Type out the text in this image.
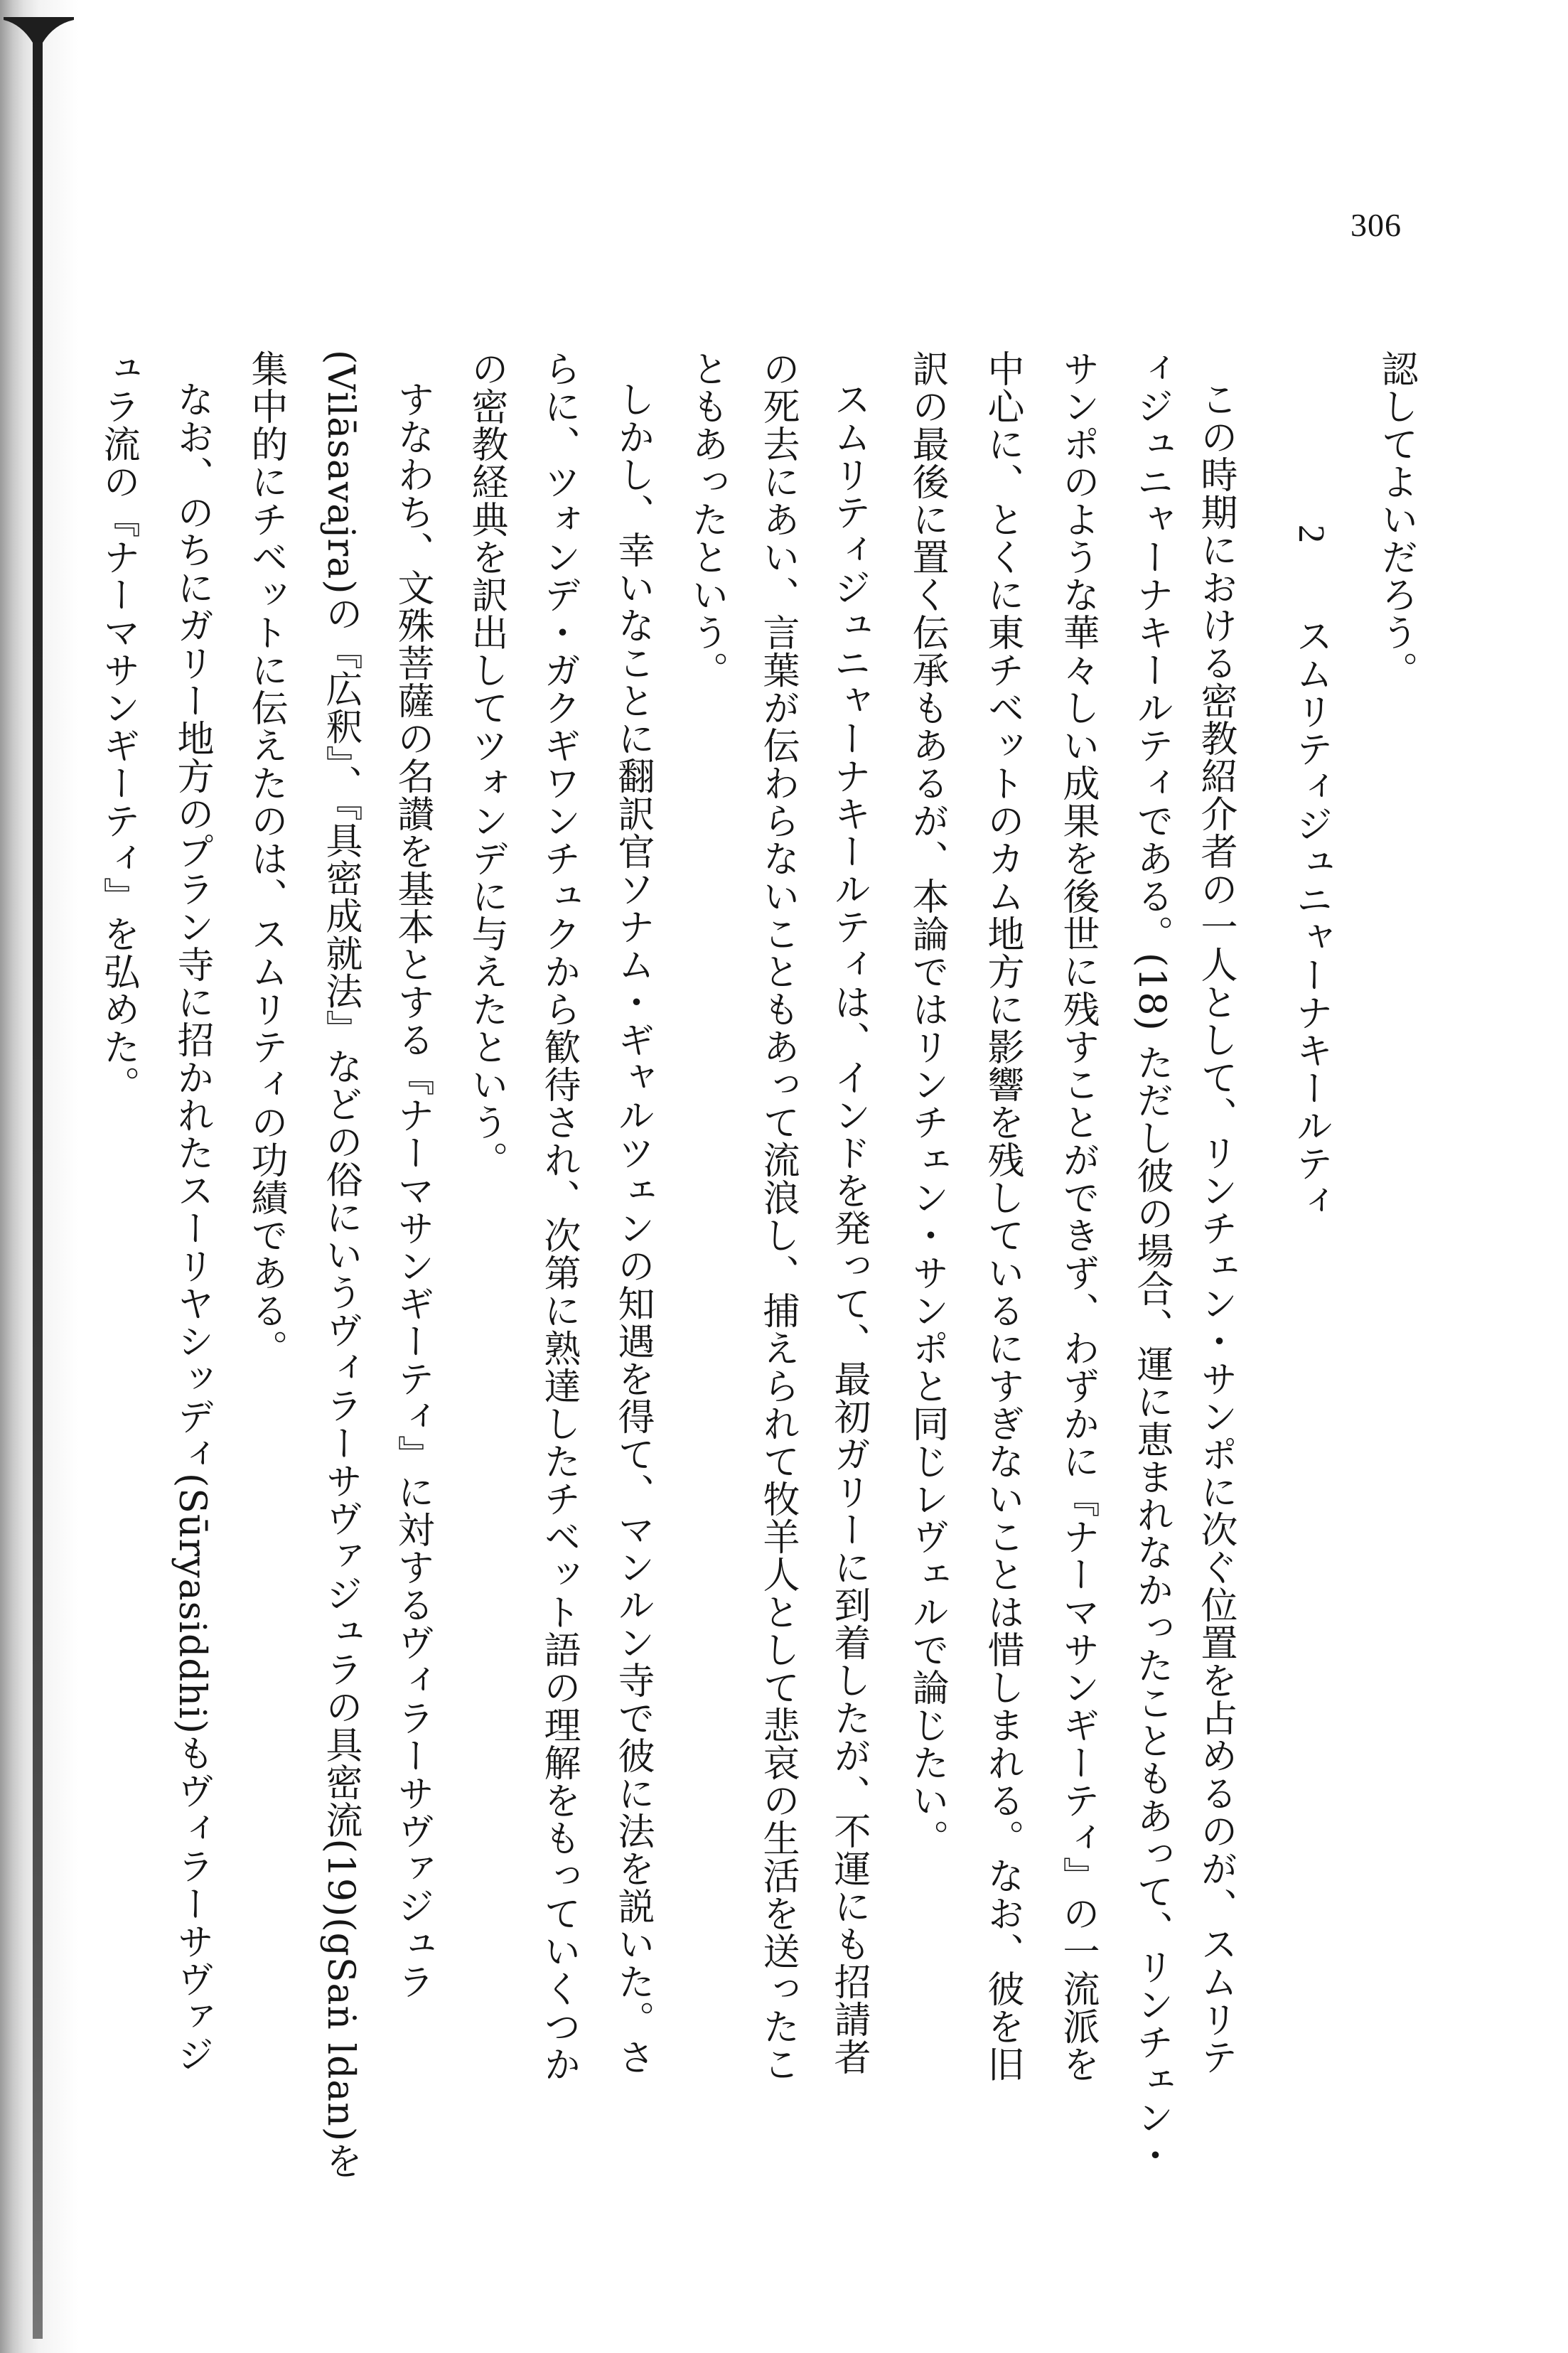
306
2 認してよいだろう。
スムリティジュニャーナキールティ
この時期における密教紹介者の一人として、リンチェン・サンポに次ぐ位置を占めるのが、スムリテ
ィジュニャーナキールティである。(18) ただし彼の場合、運に恵まれなかったこともあって、リンチェン・
サンポのような華々しい成果を後世に残すことができず、わずかに『ナーマサンギーティ』の一流派を
中心に、とくに東チベットのカム地方に影響を残しているにすぎないことは惜しまれる。なお、彼を旧
訳の最後に置く伝承もあるが、本論ではリンチェン・サンポと同じレヴェルで論じたい。
スムリティジュニャーナキールティは、インドを発って、最初ガリーに到着したが、不運にも招請者
の死去にあい、言葉が伝わらないこともあって流浪し、捕えられて牧羊人として悲哀の生活を送ったこ
ともあったという。
しかし、幸いなことに翻訳官ソナム・ギャルツェンの知遇を得て、マンルン寺で彼に法を説いた。さ
らに、ツォンデ・ガクギワンチュクから歓待され、次第に熟達したチベット語の理解をもっていくつか
の密教経典を訳出してツォンデに与えたという。
すなわち、文殊菩薩の名讃を基本とする『ナーマサンギーティ』に対するヴィラーサヴァジュラ
(Vilāsavajra)の『広釈』、『具密成就法』などの俗にいうヴィラーサヴァジュラの具密流(19)(gSaṅ ldan)を
集中的にチベットに伝えたのは、スムリティの功績である。
なお、のちにガリー地方のプラン寺に招かれたスーリヤシッディ(Sūryasiddhi)もヴィラーサヴァジ
ュラ流の『ナーマサンギーティ』を弘めた。
